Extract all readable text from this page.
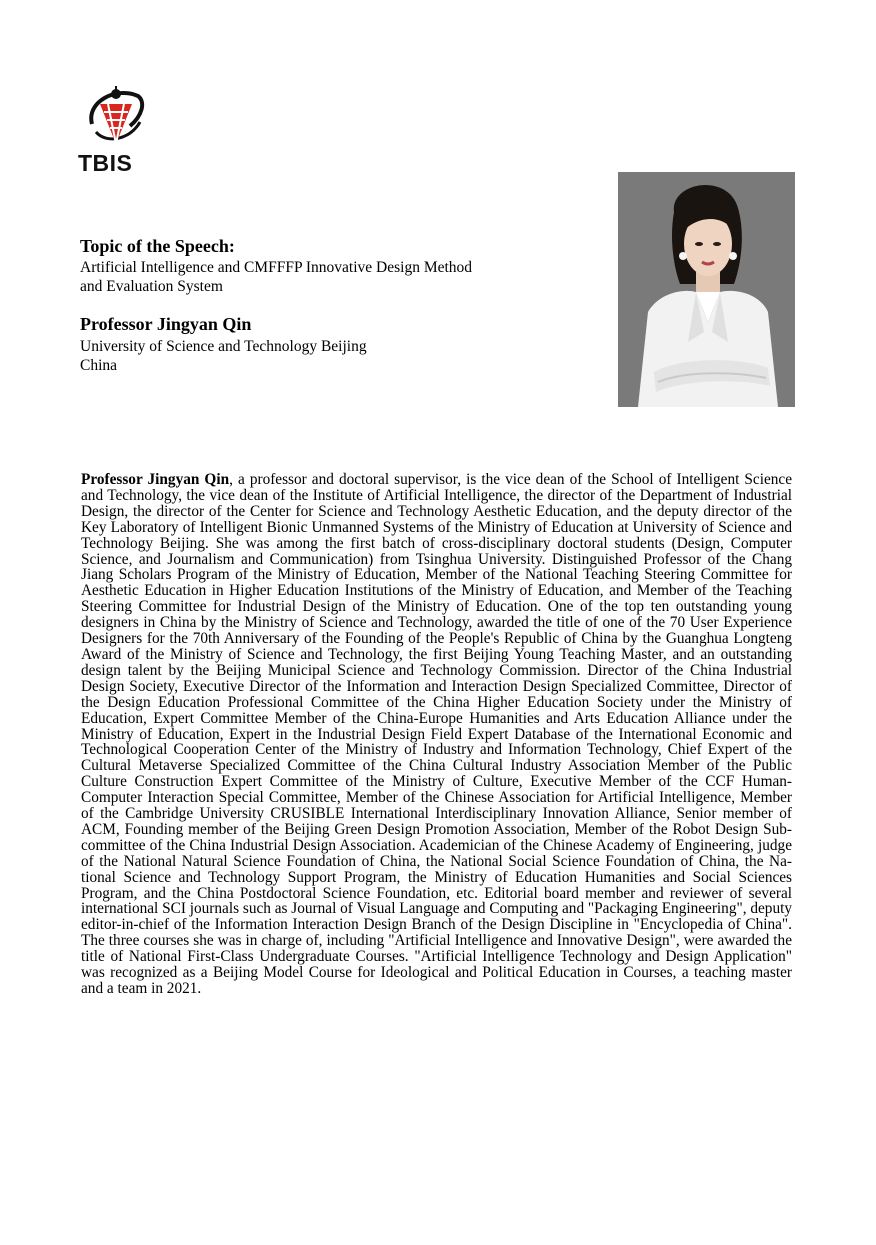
TBIS
Topic of the Speech:
Artificial Intelligence and CMFFFP Innovative Design Method
and Evaluation System
Professor Jingyan Qin
University of Science and Technology Beijing
China
Professor Jingyan Qin, a professor and doctoral supervisor, is the vice dean of the School of Intelligent Science and Technology, the vice dean of the Institute of Artificial Intelligence, the director of the Department of Industrial Design, the director of the Center for Science and Technology Aesthetic Education, and the deputy director of the Key Laboratory of Intelligent Bionic Unmanned Systems of the Ministry of Education at University of Science and Technology Beijing. She was among the first batch of cross-disciplinary doctoral students (Design, Computer Science, and Journalism and Communication) from Tsinghua University. Distinguished Professor of the Chang Jiang Scholars Program of the Ministry of Education, Member of the National Teaching Steering Committee for Aesthetic Education in Higher Education Institutions of the Ministry of Education, and Member of the Teaching Steering Committee for Industrial Design of the Ministry of Education. One of the top ten outstanding young designers in China by the Ministry of Science and Technology, awarded the title of one of the 70 User Experience Designers for the 70th Anniversary of the Founding of the People's Republic of China by the Guanghua Longteng Award of the Ministry of Science and Technology, the first Beijing Young Teaching Master, and an outstanding design talent by the Beijing Municipal Science and Technology Commission. Director of the China Industrial Design Society, Executive Director of the Information and Interaction Design Specialized Committee, Director of the Design Education Professional Committee of the China Higher Education Society under the Ministry of Education, Expert Committee Member of the China-Europe Humanities and Arts Education Alliance under the Ministry of Education, Expert in the Industrial Design Field Expert Database of the International Economic and Technological Cooperation Center of the Ministry of Industry and Information Technology, Chief Expert of the Cultural Metaverse Specialized Committee of the China Cultural Industry Association Member of the Public Culture Construction Expert Committee of the Ministry of Culture, Executive Member of the CCF Human-Computer Interaction Special Committee, Member of the Chinese Association for Artificial Intelligence, Member of the Cambridge University CRUSIBLE International Interdisciplinary Innovation Alliance, Senior member of ACM, Founding member of the Beijing Green Design Promotion Association, Member of the Robot Design Sub-committee of the China Industrial Design Association. Academician of the Chinese Academy of Engineering, judge of the National Natural Science Foundation of China, the National Social Science Foundation of China, the National Science and Technology Support Program, the Ministry of Education Humanities and Social Sciences Program, and the China Postdoctoral Science Foundation, etc. Editorial board member and reviewer of several international SCI journals such as Journal of Visual Language and Computing and "Packaging Engineering", deputy editor-in-chief of the Information Interaction Design Branch of the Design Discipline in "Encyclopedia of China". The three courses she was in charge of, including "Artificial Intelligence and Innovative Design", were awarded the title of National First-Class Undergraduate Courses. "Artificial Intelligence Technology and Design Application" was recognized as a Beijing Model Course for Ideological and Political Education in Courses, a teaching master and a team in 2021.
